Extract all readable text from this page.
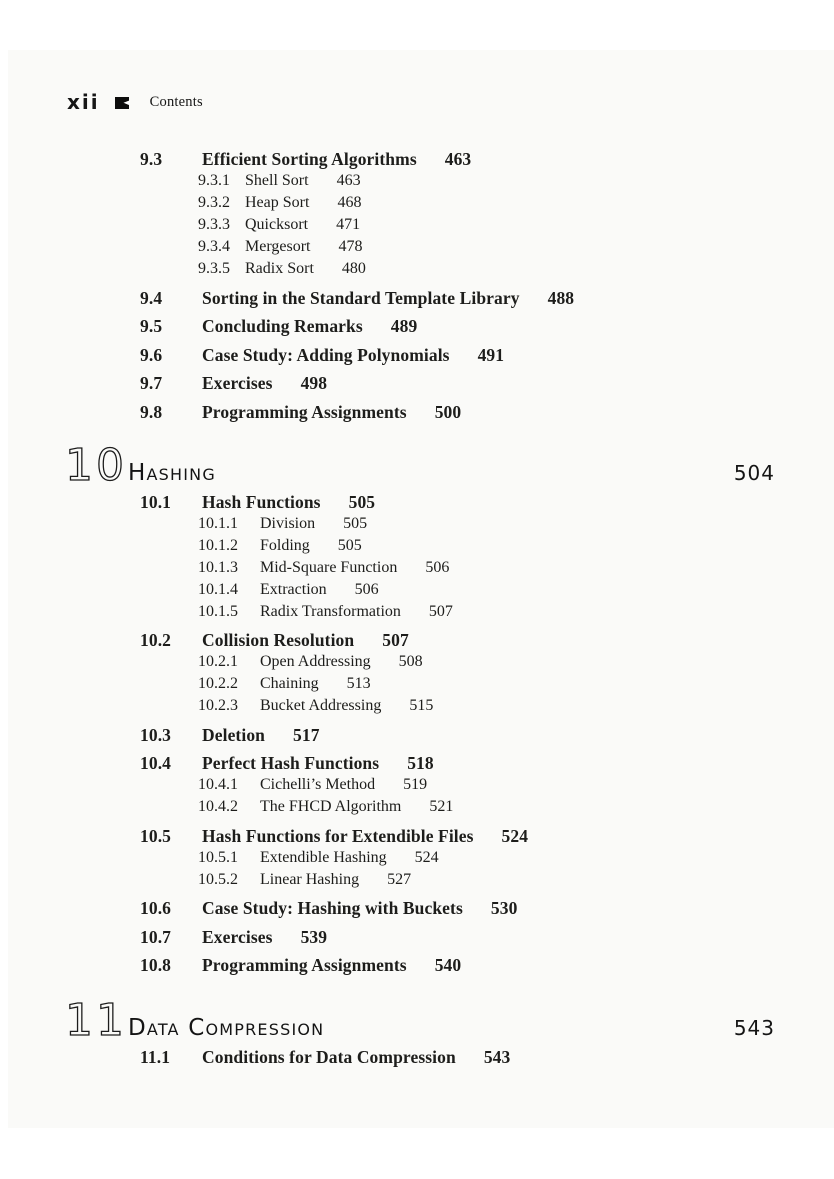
xii	Contents
9.3	Efficient Sorting Algorithms 463
9.3.1 Shell Sort 463
9.3.2 Heap Sort 468
9.3.3 Quicksort 471
9.3.4 Mergesort 478
9.3.5 Radix Sort 480
9.4	Sorting in the Standard Template Library 488
9.5	Concluding Remarks 489
9.6	Case Study: Adding Polynomials 491
9.7	Exercises 498
9.8	Programming Assignments 500
10 Hashing	504
10.1	Hash Functions 505
10.1.1	Division 505
10.1.2	Folding 505
10.1.3	Mid-Square Function 506
10.1.4	Extraction 506
10.1.5	Radix Transformation 507
10.2	Collision Resolution 507
10.2.1	Open Addressing 508
10.2.2	Chaining 513
10.2.3	Bucket Addressing 515
10.3	Deletion 517
10.4	Perfect Hash Functions 518
10.4.1	Cichelli’s Method 519
10.4.2	The FHCD Algorithm 521
10.5	Hash Functions for Extendible Files 524
10.5.1	Extendible Hashing 524
10.5.2	Linear Hashing 527
10.6	Case Study: Hashing with Buckets 530
10.7	Exercises 539
10.8	Programming Assignments 540
11 Data Compression	543
11.1	Conditions for Data Compression 543
